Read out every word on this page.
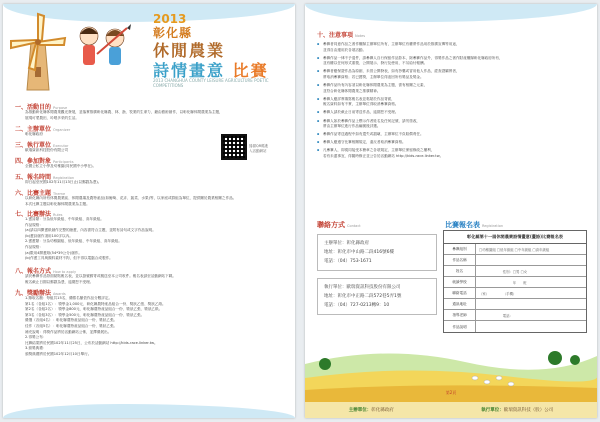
2013
彰化縣
休閒農業
詩情畫意 比賽
2013 CHANGHUA COUNTY LEISURE AGRICULTURE POETIC COMPETITIONS
一、活動目的 Purpose

為推動彰化縣休閒農業觀光發展，並落實推廣彰化縣農、林、漁、牧業的生命力，藉由藝術創作，以彰化縣休閒農業為主題，

展現可愛農田，吟唱多采的生活。

二、主辦單位 Organizer

彰化縣政府

三、執行單位 Executor

歐瑞資訊科技股份有限公司

四、參加對象 Participants

全國公私立小學及幼稚園(同民國中小學在)。

掃描QR碼進入活動網站
五、報名時間 Registration

即日起至民國102年11月13日止(以郵戳為憑)。

六、比賽主題 Theme

以彰化縣內所有休閒農業區、休閒農場及農特產品(如葡萄、花卉、蔬菜、水果)等，以家庭或群組為單位，提供關於農業相關之作品。

本次比賽主題以彰化縣休閒農業為主題。

七、比賽辦法 Rules

1.畫詩類：分為低年級組、中年級組、高年級組。

作品規格：

(a)請以四開畫紙創作完整的繪畫，內容需符合主題，並附有詩句或文字作品說明。

(b)畫詩創作須用100字以內。

2.畫畫類：分為幼稚園組、低年級組、中年級組、高年級組。

作品規格：

(a)限用4開畫紙(54*39公分)創作。

(b)作畫工具與顏料素材不拘，但不得以電腦合成製作。

八、報名方式 How to apply

請於參賽作品背面黏貼報名表，並以掛號郵寄或親送至本公司收件。報名表請至活動網站下載。

報名截止日期以郵戳為憑，逾期恕不受理。

九、獎勵辦法 Awards

1.錄取名額：每組共15名，優勝名額依作品分數評定。

第1名（各組1名）：獎學金1,000元、彰化縣農特產品組合一份、獎狀乙張、獎狀乙紙。

第2名（各組2名）：獎學金800元、彰化縣農特產品組合一份、獎狀乙張、獎狀乙紙。

第3名（各組3名）：獎學金500元、彰化縣農特產品組合一份、獎狀乙張。

優選（各組4名）：彰化縣農特產品組合一份、獎狀乙張。

佳作（各組5名）：彰化縣農特產品組合一份、獎狀乙張。

補充說明：得獎作品將於活動網站公佈，並擇優展出。

2.得獎公布：

比賽結果將於民國102年11月25日，公布於活動網站 http://kids-race.linker.tw。

3.頒獎典禮：

頒獎典禮將於民國102年12月10日舉行。

十、注意事項 Notes

▪ 參賽者同意作品之著作權歸主辦單位所有，主辦單位有權將作品用於推廣宣傳等用途，

並得自由運用於各項活動。

▪ 參賽作品一律不予退件，請參賽人自行保留作品影本，除參賽作品外，得獎作品之著作財產權歸彰化縣政府所有，

並有權以任何形式重製、公開展示、發行及使用，不另給付報酬。

▪ 參賽者應保證作品為原創，未曾公開發表，如有抄襲或冒用他人作品，經查證屬實者，

將取消參賽資格；若已獲獎，主辦單位得追回所有獎品及獎金。

▪ 參賽作品所有內容須以彰化縣休閒農業為主題，需有相關之元素，

並符合彰化縣休閒農業之推廣精神。

▪ 參賽人應詳實填寫報名表並黏貼於作品背面，

報名資料如有不實，主辦單位得取消參賽資格。

▪ 參賽人請於截止日前寄送作品，逾期恕不受理。

▪ 參賽人如於參賽作品上標示作者姓名及任何記號，請勿塗改，

將由主辦單位進行作品編號後評選。

▪ 參賽作品寄送過程中如有遺失或損壞，主辦單位不負賠償責任。

▪ 參賽人應遵守比賽相關規定，違反者取消參賽資格。

▪ 凡參賽人，即視同接受本簡章之各項規定，主辦單位保留修改之權利，

若有未盡事宜，得隨時修正並公告於活動網站 http://kids-race.linker.tw。

聯絡方式 Contact
主辦單位：彰化縣政府
地址：彰化市中山路二段416號6樓
電話：（04）753-1671
執行單位：歐瑞資訊科技股份有限公司
地址：彰化市中正路二段572巷5弄1號
電話：（04）727-0213轉9：10
比賽報名表 Registration
彰化縣第十一屆休閒農業詩情畫意(畫詩)比賽報名表
參賽組別	□幼稚園組 □低年級組 □中年級組 □高年級組
作品名稱
姓名	　　　　　　　性別：□男 □女
就讀學校	　　　　　　　　　　年　　班
聯絡電話	（家）　　　　　（手機）
通訊地址
指導老師	　　　　　　　電話：
作品說明
第2頁
主辦單位：彰化縣政府	執行單位：歐瑞資訊科技（股）公司
